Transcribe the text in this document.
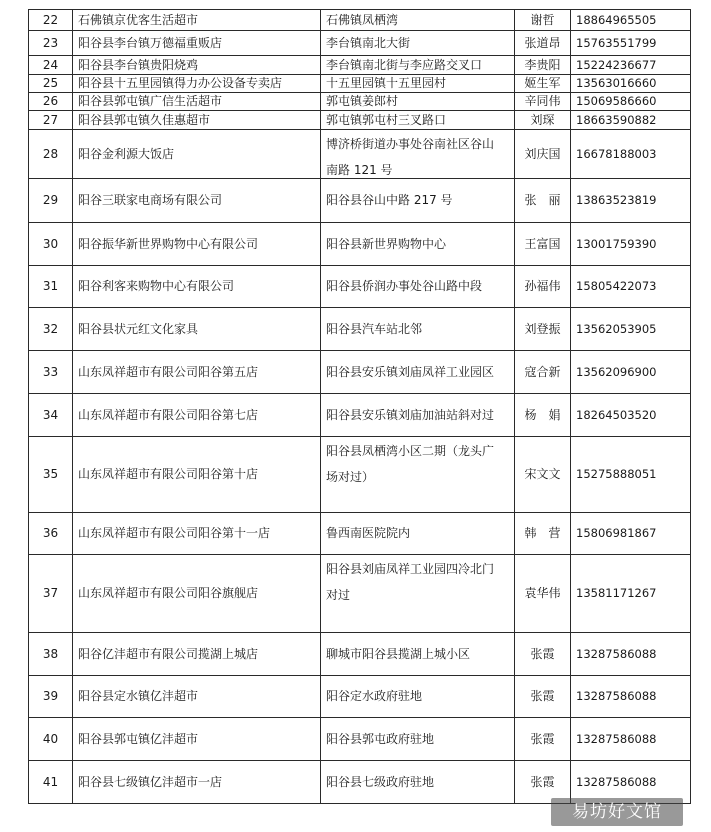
22	石佛镇京优客生活超市	石佛镇凤栖湾	谢哲	18864965505
23	阳谷县李台镇万德福重贩店	李台镇南北大街	张道昂	15763551799
24	阳谷县李台镇贵阳烧鸡	李台镇南北街与李应路交叉口	李贵阳	15224236677
25	阳谷县十五里园镇得力办公设备专卖店	十五里园镇十五里园村	姬生军	13563016660
26	阳谷县郭屯镇广信生活超市	郭屯镇姜郎村	辛同伟	15069586660
27	阳谷县郭屯镇久佳惠超市	郭屯镇郭屯村三叉路口	刘琛	18663590882
28	阳谷金利源大饭店	博济桥街道办事处谷南社区谷山
南路 121 号	刘庆国	16678188003
29	阳谷三联家电商场有限公司	阳谷县谷山中路 217 号	张　丽	13863523819
30	阳谷振华新世界购物中心有限公司	阳谷县新世界购物中心	王富国	13001759390
31	阳谷利客来购物中心有限公司	阳谷县侨润办事处谷山路中段	孙福伟	15805422073
32	阳谷县状元红文化家具	阳谷县汽车站北邻	刘登振	13562053905
33	山东凤祥超市有限公司阳谷第五店	阳谷县安乐镇刘庙凤祥工业园区	寇合新	13562096900
34	山东凤祥超市有限公司阳谷第七店	阳谷县安乐镇刘庙加油站斜对过	杨　娟	18264503520
35	山东凤祥超市有限公司阳谷第十店	阳谷县凤栖湾小区二期（龙头广
场对过）	宋文文	15275888051
36	山东凤祥超市有限公司阳谷第十一店	鲁西南医院院内	韩　营	15806981867
37	山东凤祥超市有限公司阳谷旗舰店	阳谷县刘庙凤祥工业园四冷北门
对过	袁华伟	13581171267
38	阳谷亿沣超市有限公司揽湖上城店	聊城市阳谷县揽湖上城小区	张霞	13287586088
39	阳谷县定水镇亿沣超市	阳谷定水政府驻地	张霞	13287586088
40	阳谷县郭屯镇亿沣超市	阳谷县郭屯政府驻地	张霞	13287586088
41	阳谷县七级镇亿沣超市一店	阳谷县七级政府驻地	张霞	13287586088
易坊好文馆
